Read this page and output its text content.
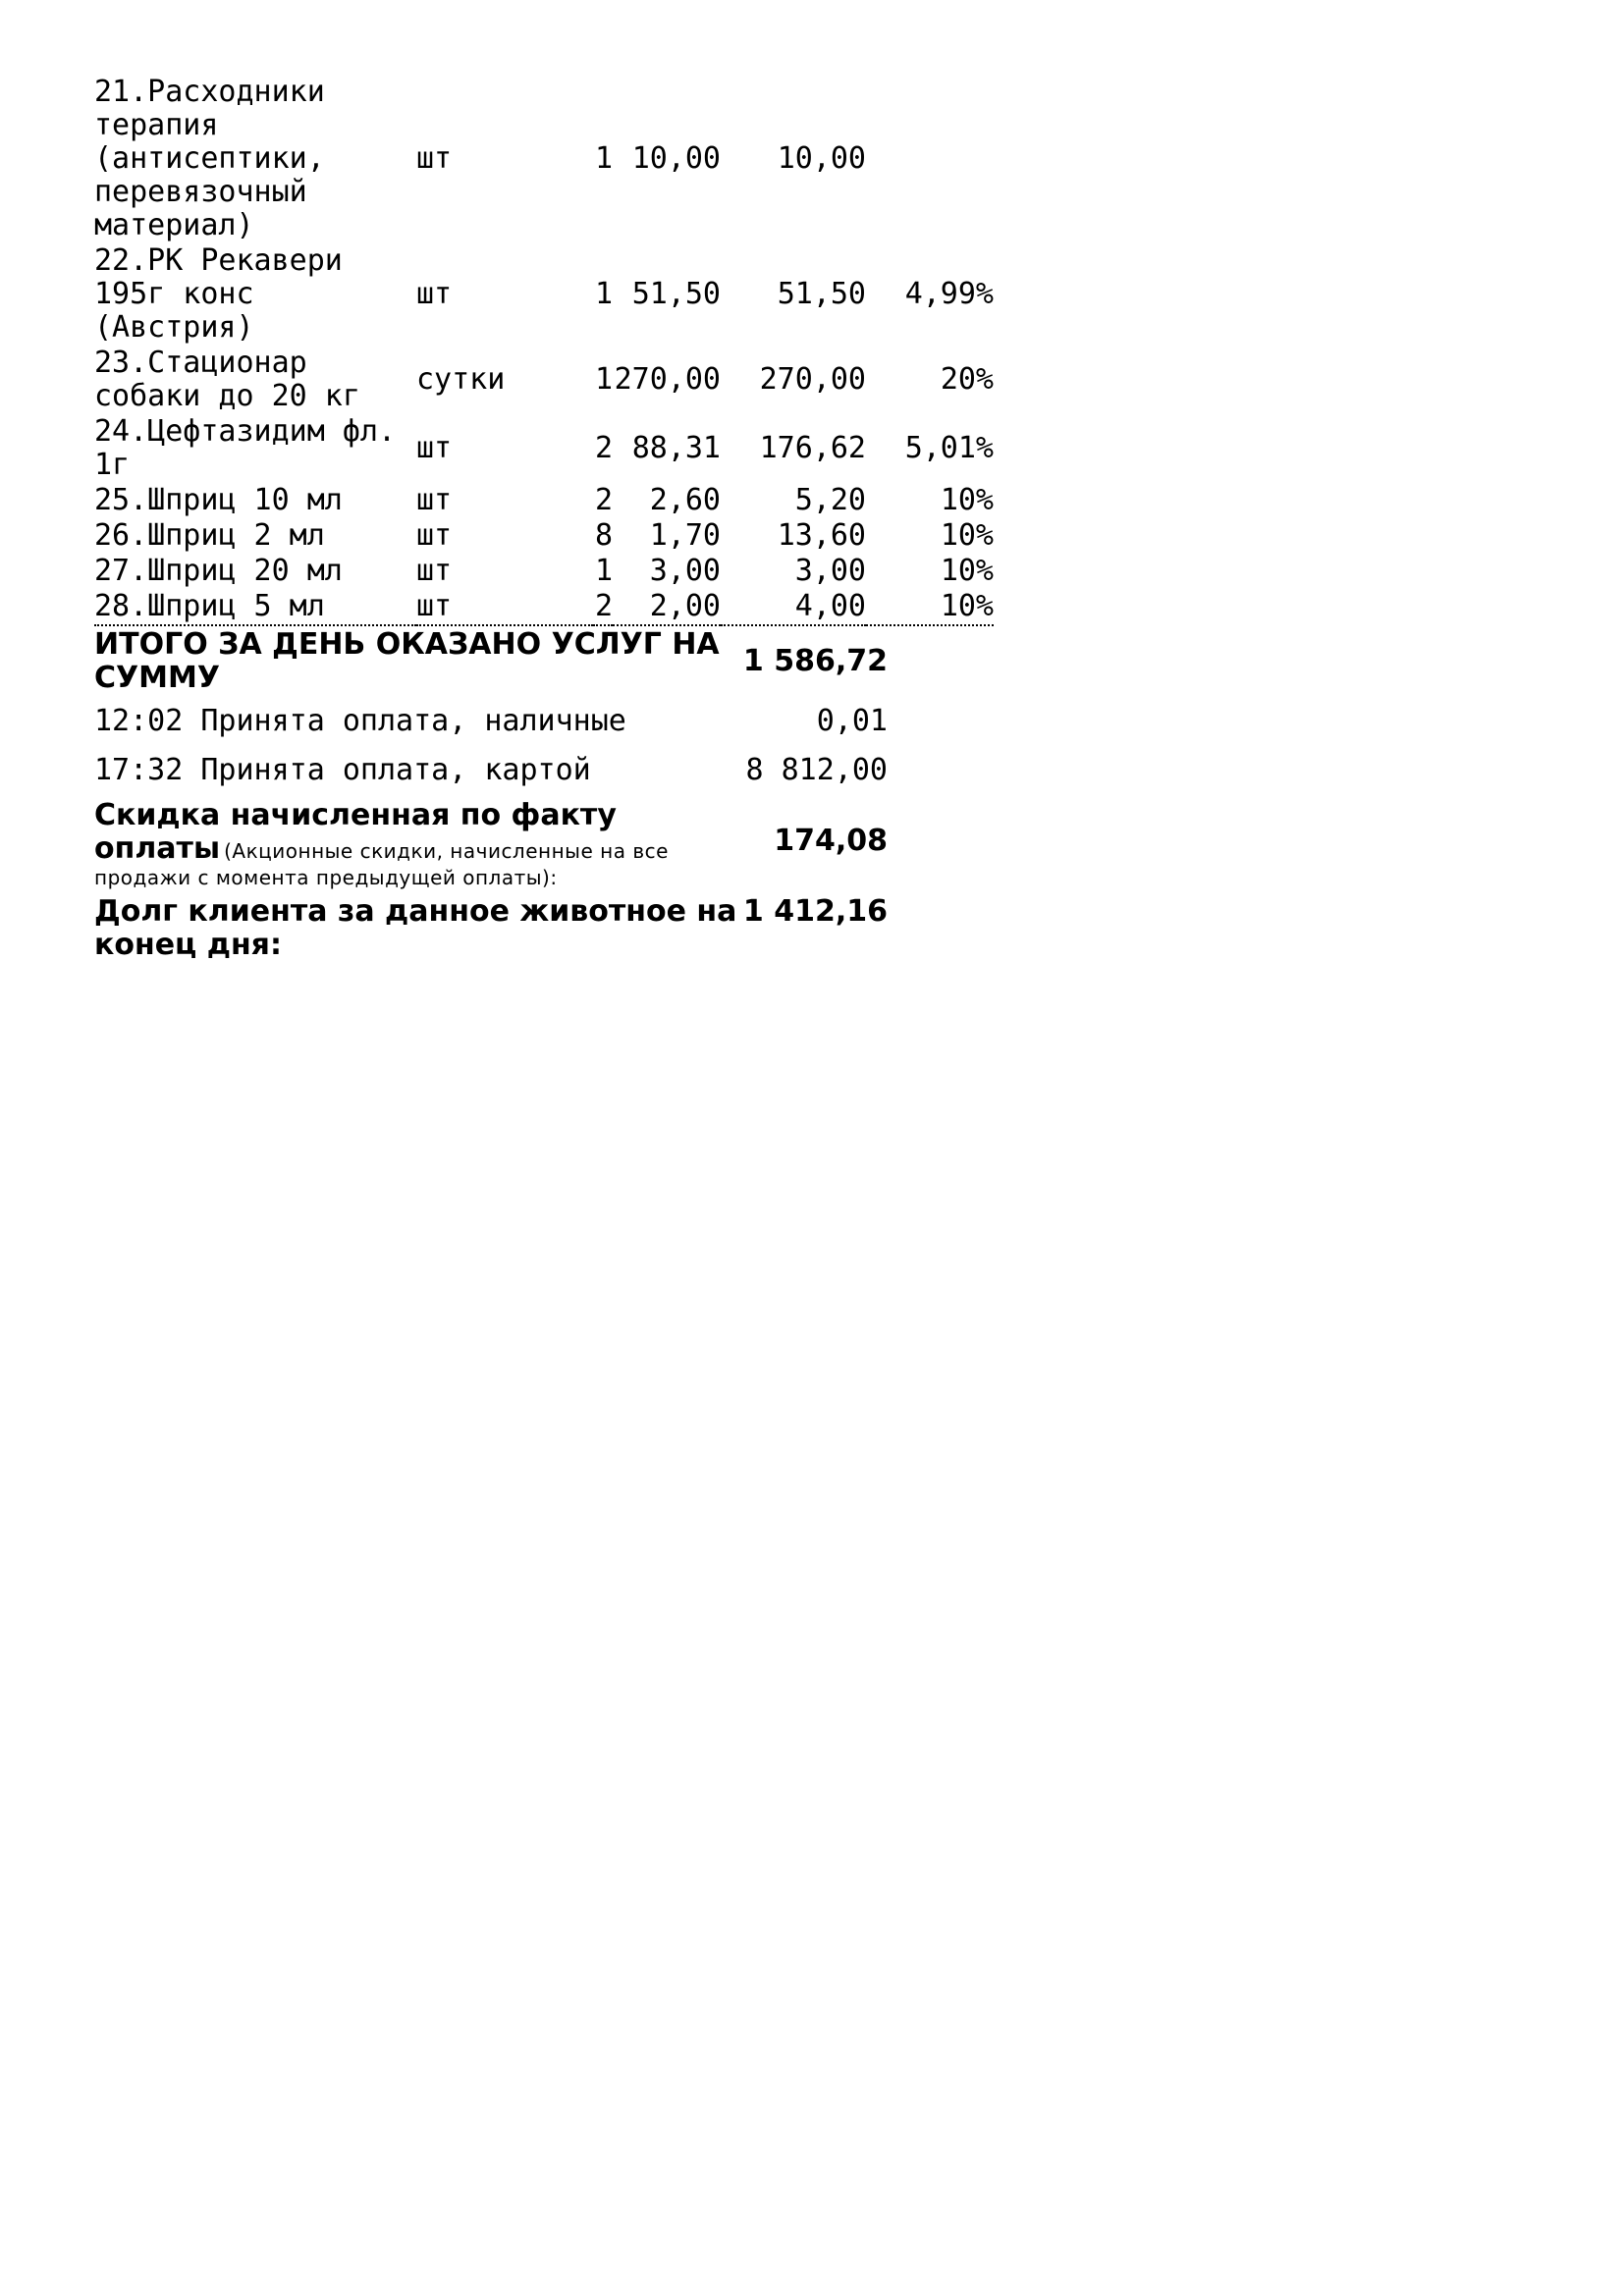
21.Расходники терапия (антисептики, перевязочный материал)	шт	1	10,00	10,00	
22.РК Рекавери 195г конс (Австрия)	шт	1	51,50	51,50	4,99%
23.Стационар собаки до 20 кг	сутки	1	270,00	270,00	20%
24.Цефтазидим фл. 1г	шт	2	88,31	176,62	5,01%
25.Шприц 10 мл	шт	2	2,60	5,20	10%
26.Шприц 2 мл	шт	8	1,70	13,60	10%
27.Шприц 20 мл	шт	1	3,00	3,00	10%
28.Шприц 5 мл	шт	2	2,00	4,00	10%
ИТОГО ЗА ДЕНЬ ОКАЗАНО УСЛУГ НА СУММУ	1 586,72
12:02 Принята оплата, наличные	0,01
17:32 Принята оплата, картой	8 812,00
Скидка начисленная по факту оплаты (Акционные скидки, начисленные на все продажи с момента предыдущей оплаты):	174,08
Долг клиента за данное животное на конец дня:	1 412,16
